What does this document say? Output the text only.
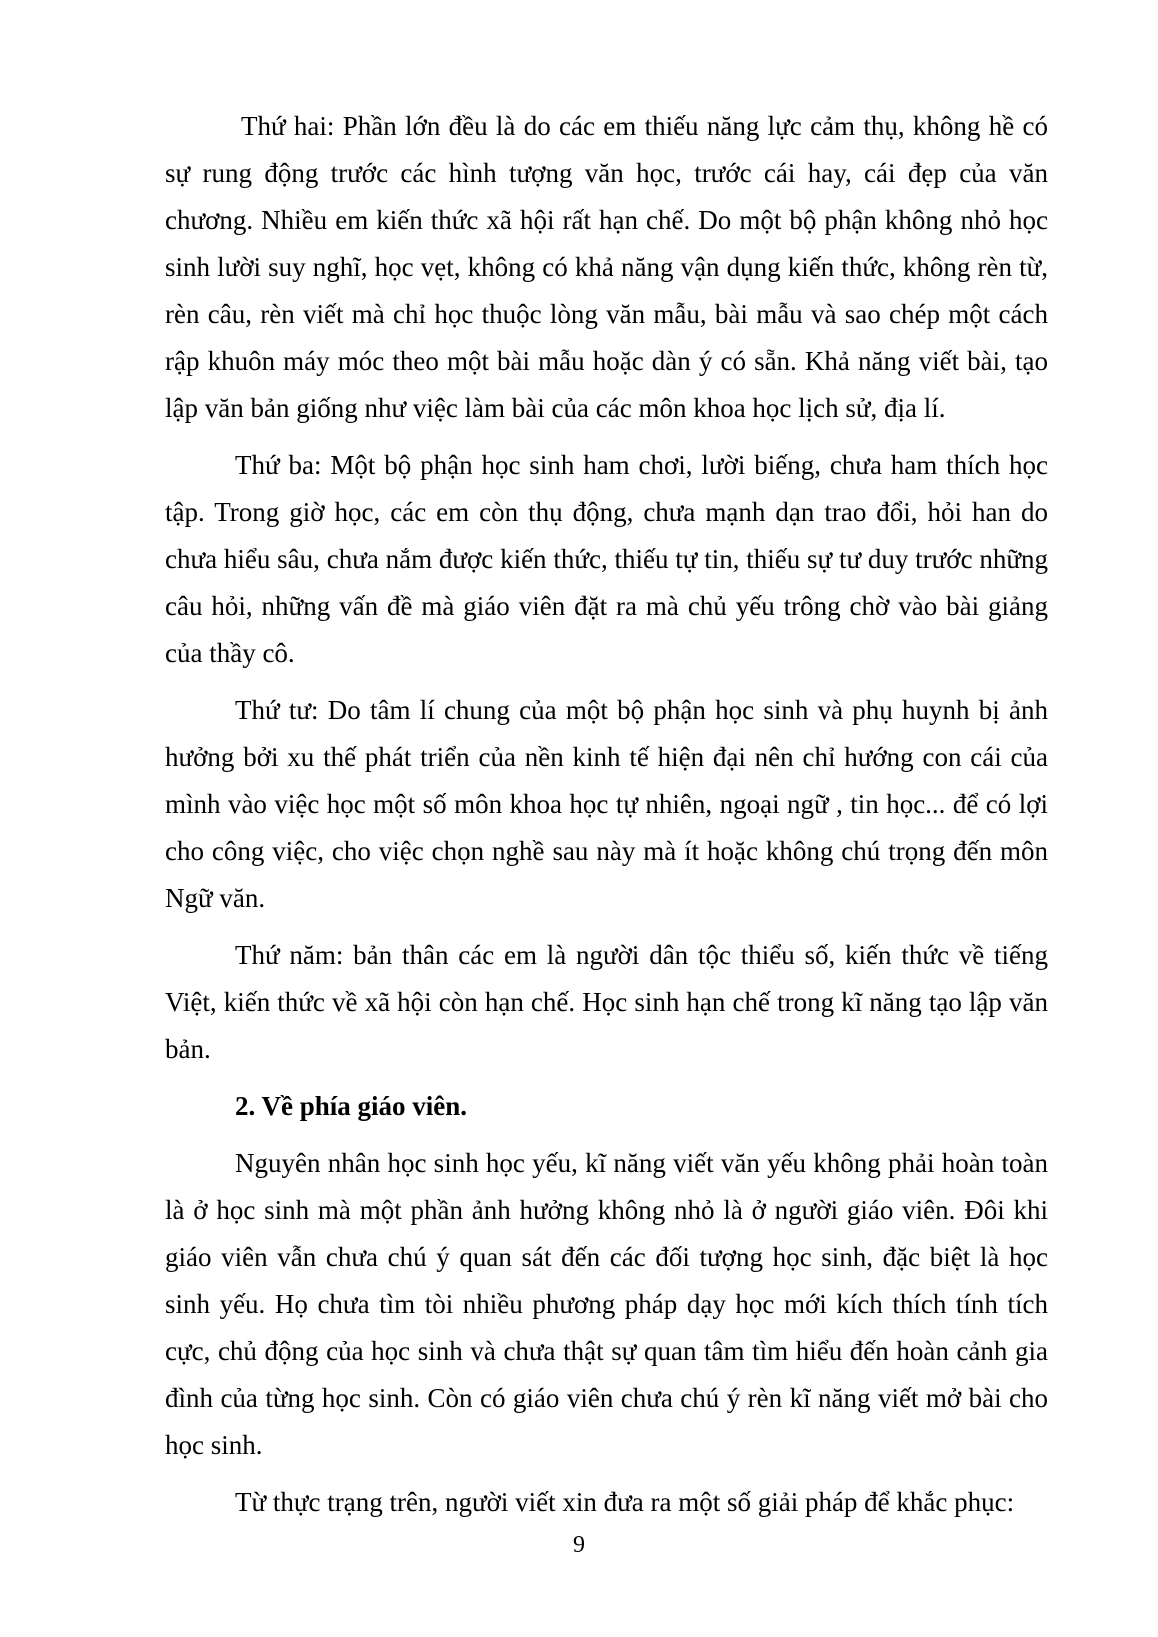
Thứ hai: Phần lớn đều là do các em thiếu năng lực cảm thụ, không hề có sự rung động trước các hình tượng văn học, trước cái hay, cái đẹp của văn chương. Nhiều em kiến thức xã hội rất hạn chế. Do một bộ phận không nhỏ học sinh lười suy nghĩ, học vẹt, không có khả năng vận dụng kiến thức, không rèn từ, rèn câu, rèn viết mà chỉ học thuộc lòng văn mẫu, bài mẫu và sao chép một cách rập khuôn máy móc theo một bài mẫu hoặc dàn ý có sẵn. Khả năng viết bài, tạo lập văn bản giống như việc làm bài của các môn khoa học lịch sử, địa lí.

Thứ ba: Một bộ phận học sinh ham chơi, lười biếng, chưa ham thích học tập. Trong giờ học, các em còn thụ động, chưa mạnh dạn trao đổi, hỏi han do chưa hiểu sâu, chưa nắm được kiến thức, thiếu tự tin, thiếu sự tư duy trước những câu hỏi, những vấn đề mà giáo viên đặt ra mà chủ yếu trông chờ vào bài giảng của thầy cô.

Thứ tư: Do tâm lí chung của một bộ phận học sinh và phụ huynh bị ảnh hưởng bởi xu thế phát triển của nền kinh tế hiện đại nên chỉ hướng con cái của mình vào việc học một số môn khoa học tự nhiên, ngoại ngữ , tin học... để có lợi cho công việc, cho việc chọn nghề sau này mà ít hoặc không chú trọng đến môn Ngữ văn.

Thứ năm: bản thân các em là người dân tộc thiểu số, kiến thức về tiếng Việt, kiến thức về xã hội còn hạn chế. Học sinh hạn chế trong kĩ năng tạo lập văn bản.

2. Về phía giáo viên.

Nguyên nhân học sinh học yếu, kĩ năng viết văn yếu không phải hoàn toàn là ở học sinh mà một phần ảnh hưởng không nhỏ là ở người giáo viên. Đôi khi giáo viên vẫn chưa chú ý quan sát đến các đối tượng học sinh, đặc biệt là học sinh yếu. Họ chưa tìm tòi nhiều phương pháp dạy học mới kích thích tính tích cực, chủ động của học sinh và chưa thật sự quan tâm tìm hiểu đến hoàn cảnh gia đình của từng học sinh. Còn có giáo viên chưa chú ý rèn kĩ năng viết mở bài cho học sinh.

Từ thực trạng trên, người viết xin đưa ra một số giải pháp để khắc phục:

9
